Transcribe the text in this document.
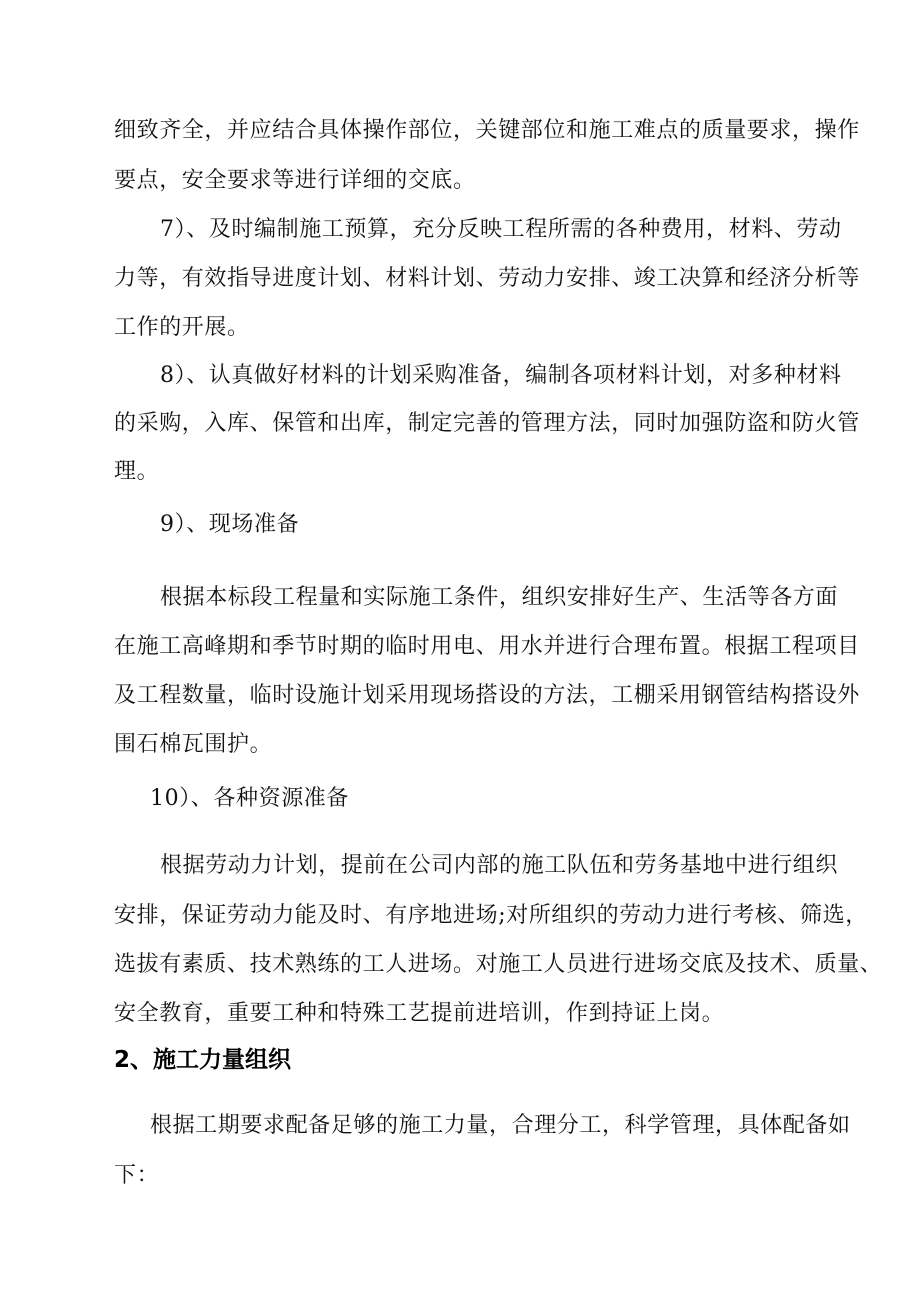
细致齐全，并应结合具体操作部位，关键部位和施工难点的质量要求，操作
要点，安全要求等进行详细的交底。
7）、及时编制施工预算，充分反映工程所需的各种费用，材料、劳动
力等，有效指导进度计划、材料计划、劳动力安排、竣工决算和经济分析等
工作的开展。
8）、认真做好材料的计划采购准备，编制各项材料计划，对多种材料
的采购，入库、保管和出库，制定完善的管理方法，同时加强防盗和防火管
理。
9）、现场准备
根据本标段工程量和实际施工条件，组织安排好生产、生活等各方面
在施工高峰期和季节时期的临时用电、用水并进行合理布置。根据工程项目
及工程数量，临时设施计划采用现场搭设的方法，工棚采用钢管结构搭设外
围石棉瓦围护。
10）、各种资源准备
根据劳动力计划，提前在公司内部的施工队伍和劳务基地中进行组织
安排，保证劳动力能及时、有序地进场;对所组织的劳动力进行考核、筛选，
选拔有素质、技术熟练的工人进场。对施工人员进行进场交底及技术、质量、
安全教育，重要工种和特殊工艺提前进培训，作到持证上岗。
2、施工力量组织
根据工期要求配备足够的施工力量，合理分工，科学管理，具体配备如
下：
